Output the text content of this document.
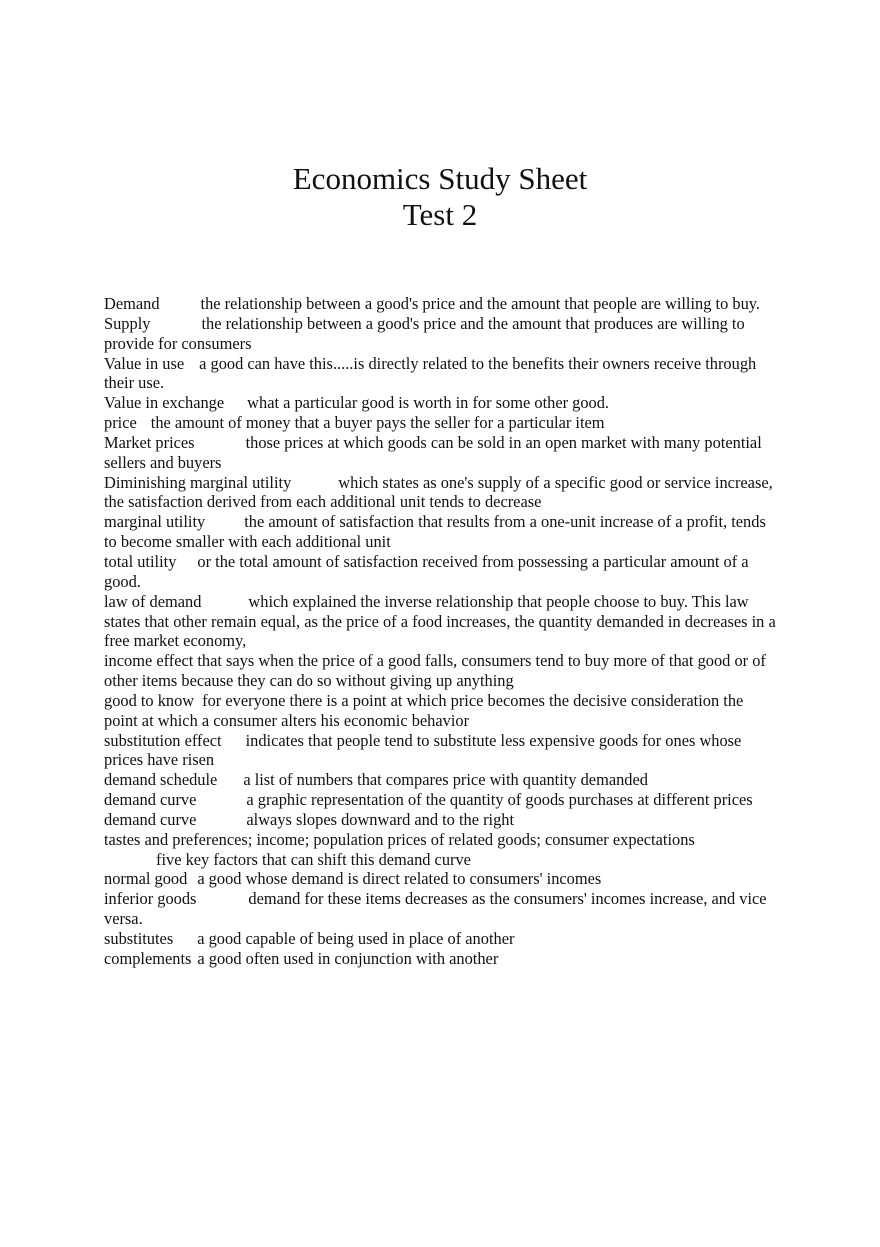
Economics Study Sheet
Test 2

Demand	the relationship between a good's price and the amount that people are willing to buy.

Supply	the relationship between a good's price and the amount that produces are willing to provide for consumers

Value in use a good can have this.....is directly related to the benefits their owners receive through their use.

Value in exchange what a particular good is worth in for some other good.

price the amount of money that a buyer pays the seller for a particular item

Market prices	those prices at which goods can be sold in an open market with many potential sellers and buyers

Diminishing marginal utility	which states as one's supply of a specific good or service increase, the satisfaction derived from each additional unit tends to decrease

marginal utility the amount of satisfaction that results from a one-unit increase of a profit, tends to become smaller with each additional unit

total utility or the total amount of satisfaction received from possessing a particular amount of a good.

law of demand	which explained the inverse relationship that people choose to buy. This law states that other remain equal, as the price of a food increases, the quantity demanded in decreases in a free market economy,

income effect that says when the price of a good falls, consumers tend to buy more of that good or of other items because they can do so without giving up anything

good to know for everyone there is a point at which price becomes the decisive consideration the point at which a consumer alters his economic behavior

substitution effect indicates that people tend to substitute less expensive goods for ones whose prices have risen

demand schedule a list of numbers that compares price with quantity demanded

demand curve	a graphic representation of the quantity of goods purchases at different prices

demand curve	always slopes downward and to the right

tastes and preferences; income; population prices of related goods; consumer expectations
five key factors that can shift this demand curve

normal good a good whose demand is direct related to consumers' incomes

inferior goods	demand for these items decreases as the consumers' incomes increase, and vice versa.

substitutes a good capable of being used in place of another

complements a good often used in conjunction with another
